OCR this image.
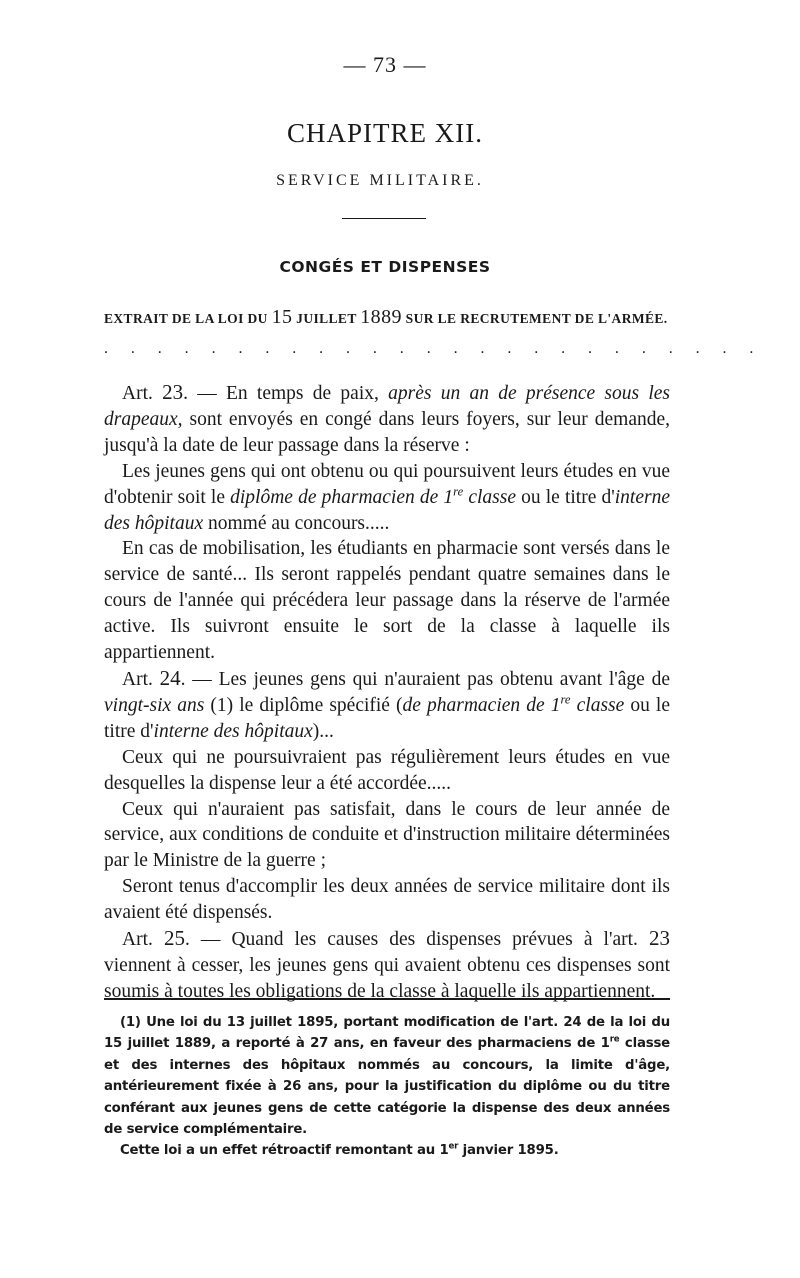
— 73 —
CHAPITRE XII.
SERVICE MILITAIRE.
CONGÉS ET DISPENSES
EXTRAIT DE LA LOI DU 15 JUILLET 1889 SUR LE RECRUTEMENT DE L'ARMÉE.
. . . . . . . . . . . . . . . . . . . . . . . . .

Art. 23. — En temps de paix, après un an de présence sous les drapeaux, sont envoyés en congé dans leurs foyers, sur leur demande, jusqu'à la date de leur passage dans la réserve :

Les jeunes gens qui ont obtenu ou qui poursuivent leurs études en vue d'obtenir soit le diplôme de pharmacien de 1re classe ou le titre d'interne des hôpitaux nommé au concours.....

En cas de mobilisation, les étudiants en pharmacie sont versés dans le service de santé... Ils seront rappelés pendant quatre semaines dans le cours de l'année qui précédera leur passage dans la réserve de l'armée active. Ils suivront ensuite le sort de la classe à laquelle ils appartiennent.

Art. 24. — Les jeunes gens qui n'auraient pas obtenu avant l'âge de vingt-six ans (1) le diplôme spécifié (de pharmacien de 1re classe ou le titre d'interne des hôpitaux)...

Ceux qui ne poursuivraient pas régulièrement leurs études en vue desquelles la dispense leur a été accordée.....

Ceux qui n'auraient pas satisfait, dans le cours de leur année de service, aux conditions de conduite et d'instruction militaire déterminées par le Ministre de la guerre ;

Seront tenus d'accomplir les deux années de service militaire dont ils avaient été dispensés.

Art. 25. — Quand les causes des dispenses prévues à l'art. 23 viennent à cesser, les jeunes gens qui avaient obtenu ces dispenses sont soumis à toutes les obligations de la classe à laquelle ils appartiennent.

(1) Une loi du 13 juillet 1895, portant modification de l'art. 24 de la loi du 15 juillet 1889, a reporté à 27 ans, en faveur des pharmaciens de 1re classe et des internes des hôpitaux nommés au concours, la limite d'âge, antérieurement fixée à 26 ans, pour la justification du diplôme ou du titre conférant aux jeunes gens de cette catégorie la dispense des deux années de service complémentaire.

Cette loi a un effet rétroactif remontant au 1er janvier 1895.
